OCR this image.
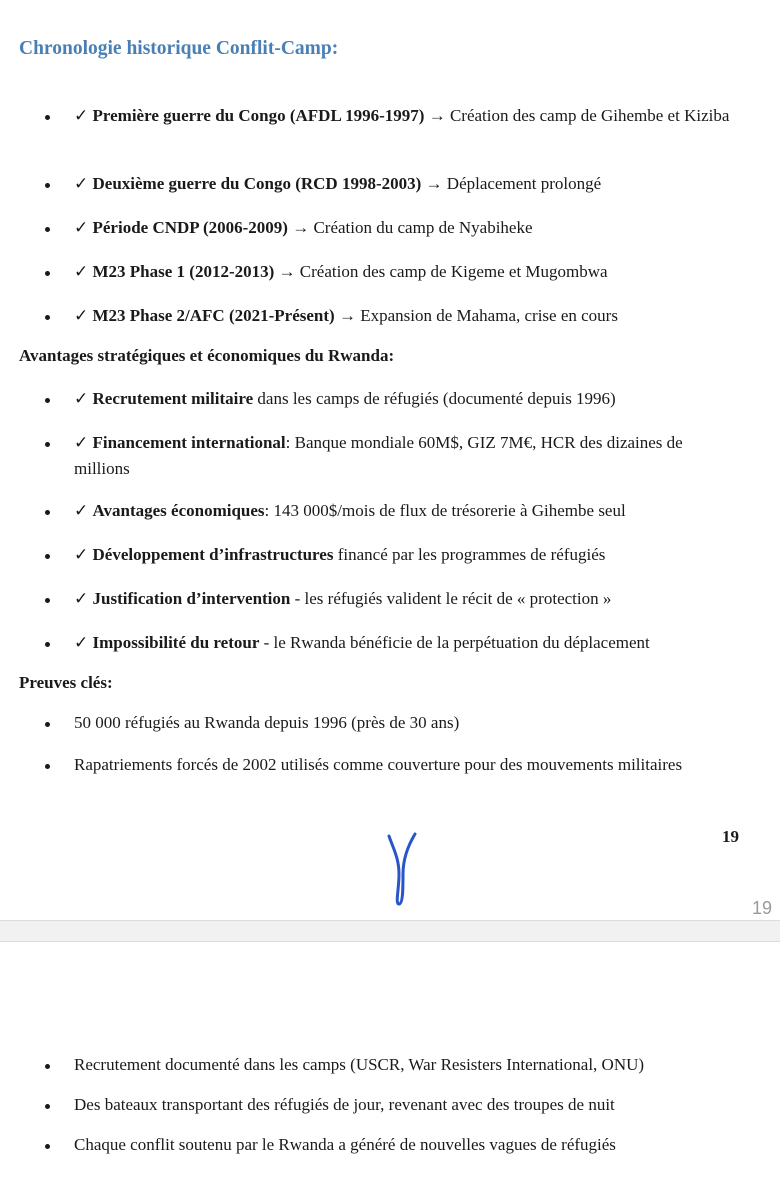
Chronologie historique Conflit-Camp:
✓ Première guerre du Congo (AFDL 1996-1997) → Création des camp de Gihembe et Kiziba
✓ Deuxième guerre du Congo (RCD 1998-2003) → Déplacement prolongé
✓ Période CNDP (2006-2009) → Création du camp de Nyabiheke
✓ M23 Phase 1 (2012-2013) → Création des camp de Kigeme et Mugombwa
✓ M23 Phase 2/AFC (2021-Présent) → Expansion de Mahama, crise en cours
Avantages stratégiques et économiques du Rwanda:
✓ Recrutement militaire dans les camps de réfugiés (documenté depuis 1996)
✓ Financement international: Banque mondiale 60M$, GIZ 7M€, HCR des dizaines de millions
✓ Avantages économiques: 143 000$/mois de flux de trésorerie à Gihembe seul
✓ Développement d’infrastructures financé par les programmes de réfugiés
✓ Justification d’intervention - les réfugiés valident le récit de « protection »
✓ Impossibilité du retour - le Rwanda bénéficie de la perpétuation du déplacement
Preuves clés:
50 000 réfugiés au Rwanda depuis 1996 (près de 30 ans)
Rapatriements forcés de 2002 utilisés comme couverture pour des mouvements militaires
19
19
Recrutement documenté dans les camps (USCR, War Resisters International, ONU)
Des bateaux transportant des réfugiés de jour, revenant avec des troupes de nuit
Chaque conflit soutenu par le Rwanda a généré de nouvelles vagues de réfugiés
